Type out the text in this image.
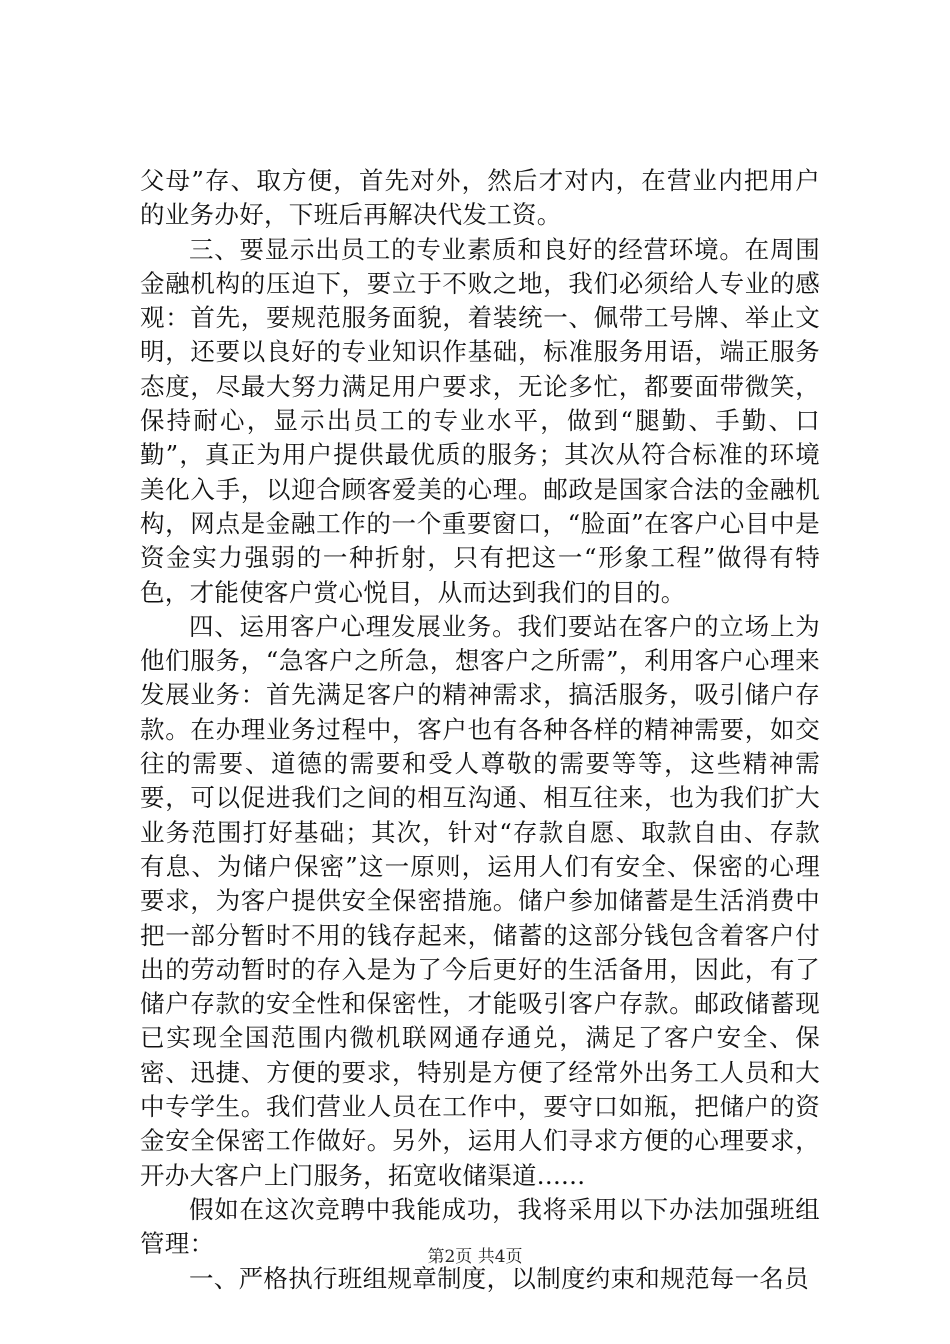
父母”存、取方便，首先对外，然后才对内，在营业内把用户的业务办好，下班后再解决代发工资。

三、要显示出员工的专业素质和良好的经营环境。在周围金融机构的压迫下，要立于不败之地，我们必须给人专业的感观：首先，要规范服务面貌，着装统一、佩带工号牌、举止文明，还要以良好的专业知识作基础，标准服务用语，端正服务态度，尽最大努力满足用户要求，无论多忙，都要面带微笑，保持耐心，显示出员工的专业水平，做到“腿勤、手勤、口勤”，真正为用户提供最优质的服务；其次从符合标准的环境美化入手，以迎合顾客爱美的心理。邮政是国家合法的金融机构，网点是金融工作的一个重要窗口，“脸面”在客户心目中是资金实力强弱的一种折射，只有把这一“形象工程”做得有特色，才能使客户赏心悦目，从而达到我们的目的。

四、运用客户心理发展业务。我们要站在客户的立场上为他们服务，“急客户之所急，想客户之所需”，利用客户心理来发展业务：首先满足客户的精神需求，搞活服务，吸引储户存款。在办理业务过程中，客户也有各种各样的精神需要，如交往的需要、道德的需要和受人尊敬的需要等等，这些精神需要，可以促进我们之间的相互沟通、相互往来，也为我们扩大业务范围打好基础；其次，针对“存款自愿、取款自由、存款有息、为储户保密”这一原则，运用人们有安全、保密的心理要求，为客户提供安全保密措施。储户参加储蓄是生活消费中把一部分暂时不用的钱存起来，储蓄的这部分钱包含着客户付出的劳动暂时的存入是为了今后更好的生活备用，因此，有了储户存款的安全性和保密性，才能吸引客户存款。邮政储蓄现已实现全国范围内微机联网通存通兑，满足了客户安全、保密、迅捷、方便的要求，特别是方便了经常外出务工人员和大中专学生。我们营业人员在工作中，要守口如瓶，把储户的资金安全保密工作做好。另外，运用人们寻求方便的心理要求，开办大客户上门服务，拓宽收储渠道......

假如在这次竞聘中我能成功，我将采用以下办法加强班组管理：

一、严格执行班组规章制度，以制度约束和规范每一名员

第2页 共4页
